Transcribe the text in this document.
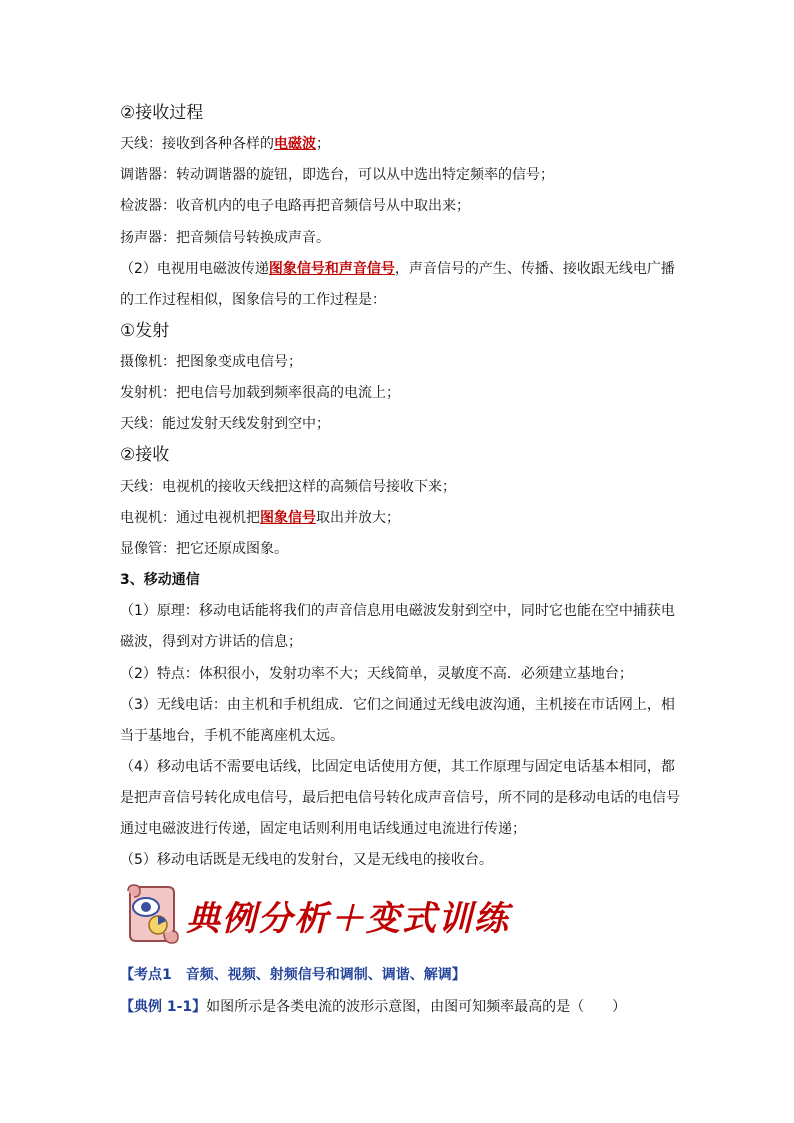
②接收过程
天线：接收到各种各样的电磁波；
调谐器：转动调谐器的旋钮，即选台，可以从中选出特定频率的信号；
检波器：收音机内的电子电路再把音频信号从中取出来；
扬声器：把音频信号转换成声音。
（2）电视用电磁波传递图象信号和声音信号，声音信号的产生、传播、接收跟无线电广播
的工作过程相似，图象信号的工作过程是：
①发射
摄像机：把图象变成电信号；
发射机：把电信号加载到频率很高的电流上；
天线：能过发射天线发射到空中；
②接收
天线：电视机的接收天线把这样的高频信号接收下来；
电视机：通过电视机把图象信号取出并放大；
显像管：把它还原成图象。
3、移动通信
（1）原理：移动电话能将我们的声音信息用电磁波发射到空中，同时它也能在空中捕获电
磁波，得到对方讲话的信息；
（2）特点：体积很小，发射功率不大；天线简单，灵敏度不高．必须建立基地台；
（3）无线电话：由主机和手机组成．它们之间通过无线电波沟通，主机接在市话网上，相
当于基地台，手机不能离座机太远。
（4）移动电话不需要电话线，比固定电话使用方便，其工作原理与固定电话基本相同，都
是把声音信号转化成电信号，最后把电信号转化成声音信号，所不同的是移动电话的电信号
通过电磁波进行传递，固定电话则利用电话线通过电流进行传递；
（5）移动电话既是无线电的发射台，又是无线电的接收台。
典例分析＋变式训练
【考点1 音频、视频、射频信号和调制、调谐、解调】
【典例 1-1】如图所示是各类电流的波形示意图，由图可知频率最高的是（　　）
